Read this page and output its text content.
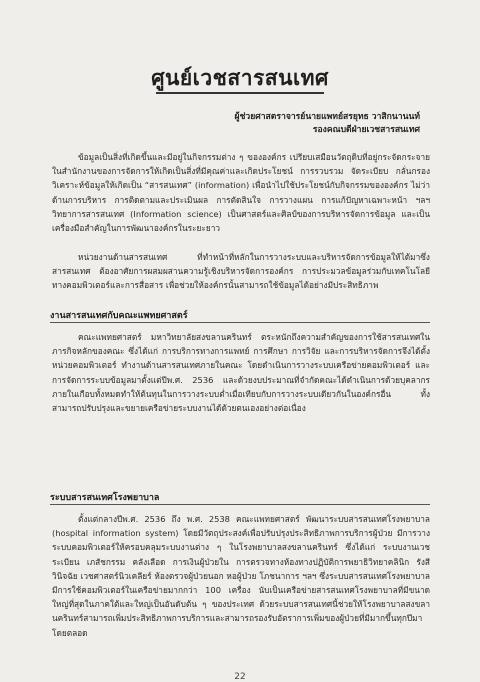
ศูนย์เวชสารสนเทศ
ผู้ช่วยศาสตราจารย์นายแพทย์สรยุทธ วาสิกนานนท์
รองคณบดีฝ่ายเวชสารสนเทศ
ข้อมูลเป็นสิ่งที่เกิดขึ้นและมีอยู่ในกิจกรรมต่าง ๆ ขององค์กร เปรียบเสมือนวัตถุดิบที่อยู่กระจัดกระจายในสำนักงานของการจัดการให้เกิดเป็นสิ่งที่มีคุณค่าและเกิดประโยชน์ การรวบรวม จัดระเบียบ กลั่นกรอง วิเคราะห์ข้อมูลให้เกิดเป็น “สารสนเทศ” (information) เพื่อนำไปใช้ประโยชน์กับกิจกรรมขององค์กร ไม่ว่าด้านการบริหาร การติดตามและประเมินผล การตัดสินใจ การวางแผน การแก้ปัญหาเฉพาะหน้า ฯลฯ วิทยาการสารสนเทศ (Information science) เป็นศาสตร์และศิลป์ของการบริหารจัดการข้อมูล และเป็นเครื่องมือสำคัญในการพัฒนาองค์กรในระยะยาว
หน่วยงานด้านสารสนเทศ ที่ทำหน้าที่หลักในการวางระบบและบริหารจัดการข้อมูลให้ได้มาซึ่งสารสนเทศ ต้องอาศัยการผสมผสานความรู้เชิงบริหารจัดการองค์กร การประมวลข้อมูลร่วมกับเทคโนโลยีทางคอมพิวเตอร์และการสื่อสาร เพื่อช่วยให้องค์กรนั้นสามารถใช้ข้อมูลได้อย่างมีประสิทธิภาพ
งานสารสนเทศกับคณะแพทยศาสตร์
คณะแพทยศาสตร์ มหาวิทยาลัยสงขลานครินทร์ ตระหนักถึงความสำคัญของการใช้สารสนเทศในภารกิจหลักของคณะ ซึ่งได้แก่ การบริการทางการแพทย์ การศึกษา การวิจัย และการบริหารจัดการจึงได้ตั้งหน่วยคอมพิวเตอร์ ทำงานด้านสารสนเทศภายในคณะ โดยดำเนินการวางระบบเครือข่ายคอมพิวเตอร์ และการจัดการระบบข้อมูลมาตั้งแต่ปีพ.ศ. 2536 และด้วยงบประมาณที่จำกัดคณะได้ดำเนินการด้วยบุคลากรภายในเกือบทั้งหมดทำให้ต้นทุนในการวางระบบต่ำเมื่อเทียบกับการวางระบบเดียวกันในองค์กรอื่น ทั้งสามารถปรับปรุงและขยายเครือข่ายระบบงานได้ด้วยตนเองอย่างต่อเนื่อง
ระบบสารสนเทศโรงพยาบาล
ตั้งแต่กลางปีพ.ศ. 2536 ถึง พ.ศ. 2538 คณะแพทยศาสตร์ พัฒนาระบบสารสนเทศโรงพยาบาล (hospital information system) โดยมีวัตถุประสงค์เพื่อปรับปรุงประสิทธิภาพการบริการผู้ป่วย มีการวางระบบคอมพิวเตอร์ให้ครอบคลุมระบบงานต่าง ๆ ในโรงพยาบาลสงขลานครินทร์ ซึ่งได้แก่ ระบบงานเวชระเบียน เภสัชกรรม คลังเลือด การเงินผู้ป่วยใน การตรวจทางห้องทางปฏิบัติการพยาธิวิทยาคลินิก รังสีวินิจฉัย เวชศาสตร์นิวเคลียร์ ห้องตรวจผู้ป่วยนอก หอผู้ป่วย โภชนาการ ฯลฯ ซึ่งระบบสารสนเทศโรงพยาบาล มีการใช้คอมพิวเตอร์ในเครือข่ายมากกว่า 100 เครื่อง นับเป็นเครือข่ายสารสนเทศโรงพยาบาลที่มีขนาดใหญ่ที่สุดในภาคใต้และใหญ่เป็นอันดับต้น ๆ ของประเทศ ด้วยระบบสารสนเทศนี้ช่วยให้โรงพยาบาลสงขลานครินทร์สามารถเพิ่มประสิทธิภาพการบริการและสามารถรองรับอัตราการเพิ่มของผู้ป่วยที่มีมากขึ้นทุกปีมาโดยตลอด
22
